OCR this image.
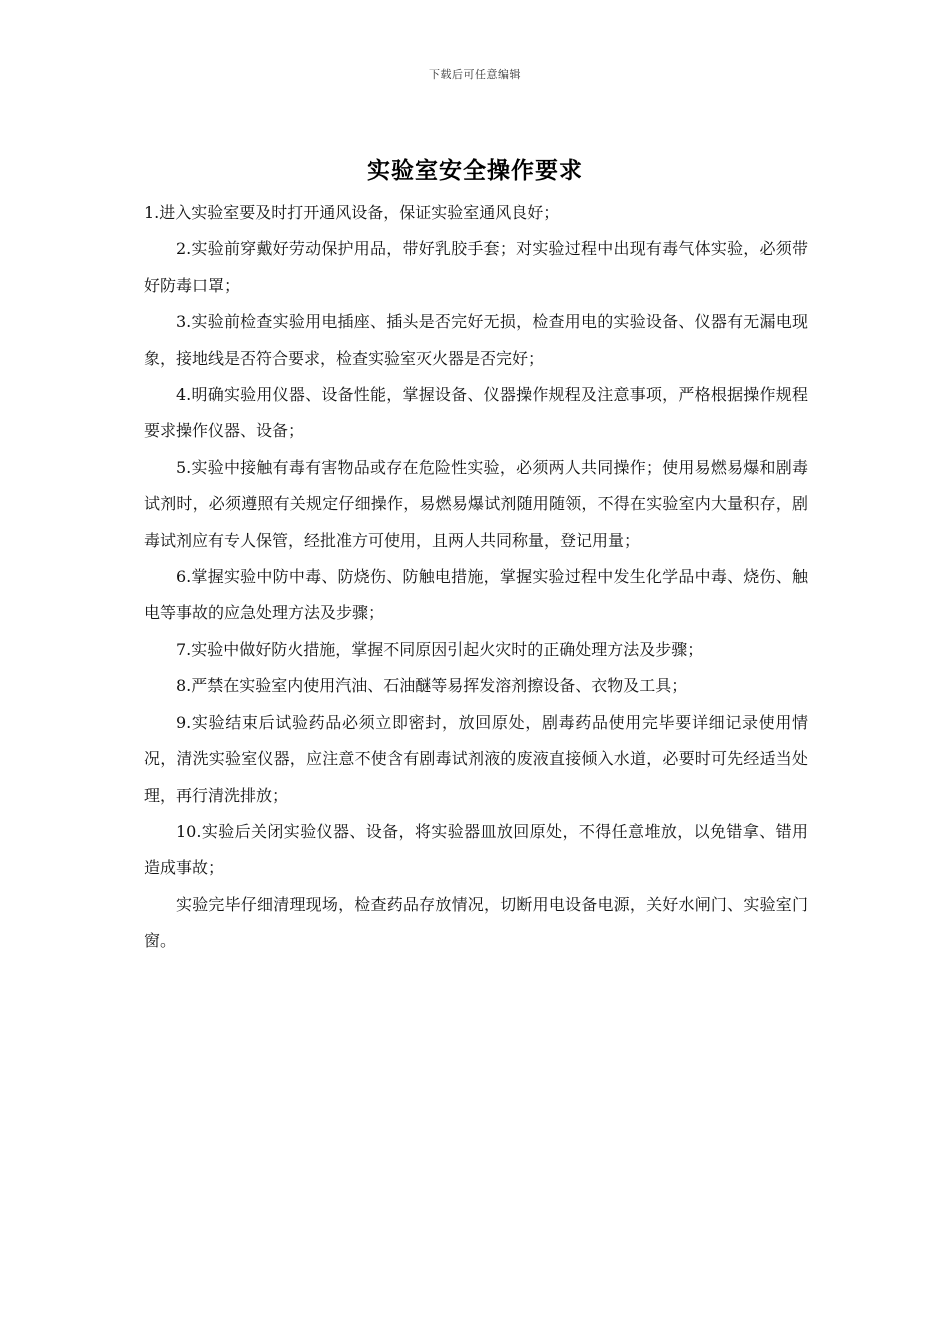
下载后可任意编辑
实验室安全操作要求

1.进入实验室要及时打开通风设备，保证实验室通风良好；

2.实验前穿戴好劳动保护用品，带好乳胶手套；对实验过程中出现有毒气体实验，必须带好防毒口罩；

3.实验前检查实验用电插座、插头是否完好无损，检查用电的实验设备、仪器有无漏电现象，接地线是否符合要求，检查实验室灭火器是否完好；

4.明确实验用仪器、设备性能，掌握设备、仪器操作规程及注意事项，严格根据操作规程要求操作仪器、设备；

5.实验中接触有毒有害物品或存在危险性实验，必须两人共同操作；使用易燃易爆和剧毒试剂时，必须遵照有关规定仔细操作，易燃易爆试剂随用随领，不得在实验室内大量积存，剧毒试剂应有专人保管，经批准方可使用，且两人共同称量，登记用量；

6.掌握实验中防中毒、防烧伤、防触电措施，掌握实验过程中发生化学品中毒、烧伤、触电等事故的应急处理方法及步骤；

7.实验中做好防火措施，掌握不同原因引起火灾时的正确处理方法及步骤；

8.严禁在实验室内使用汽油、石油醚等易挥发溶剂擦设备、衣物及工具；

9.实验结束后试验药品必须立即密封，放回原处，剧毒药品使用完毕要详细记录使用情况，清洗实验室仪器，应注意不使含有剧毒试剂液的废液直接倾入水道，必要时可先经适当处理，再行清洗排放；

10.实验后关闭实验仪器、设备，将实验器皿放回原处，不得任意堆放，以免错拿、错用造成事故；

实验完毕仔细清理现场，检查药品存放情况，切断用电设备电源，关好水闸门、实验室门窗。
